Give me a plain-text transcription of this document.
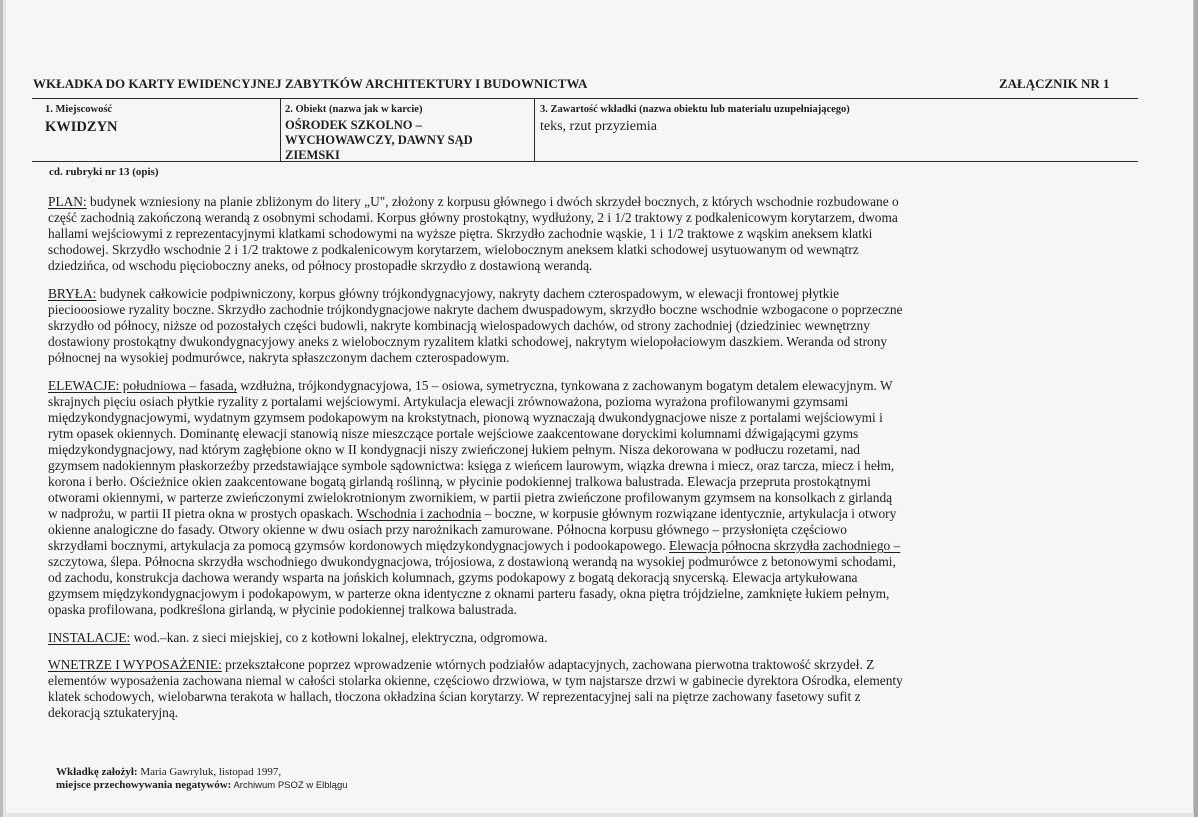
WKŁADKA DO KARTY EWIDENCYJNEJ ZABYTKÓW ARCHITEKTURY I BUDOWNICTWA	ZAŁĄCZNIK NR 1
1. Miejscowość
KWIDZYN
2. Obiekt (nazwa jak w karcie)
OŚRODEK SZKOLNO –
WYCHOWAWCZY, DAWNY SĄD
ZIEMSKI
3. Zawartość wkładki (nazwa obiektu lub materiału uzupełniającego)
teks, rzut przyziemia
cd. rubryki nr 13 (opis)
PLAN: budynek wzniesiony na planie zbliżonym do litery „U", złożony z korpusu głównego i dwóch skrzydeł bocznych, z których wschodnie rozbudowane o
część zachodnią zakończoną werandą z osobnymi schodami. Korpus główny prostokątny, wydłużony, 2 i 1/2 traktowy z podkalenicowym korytarzem, dwoma
hallami wejściowymi z reprezentacyjnymi klatkami schodowymi na wyższe piętra. Skrzydło zachodnie wąskie, 1 i 1/2 traktowe z wąskim aneksem klatki
schodowej. Skrzydło wschodnie 2 i 1/2 traktowe z podkalenicowym korytarzem, wielobocznym aneksem klatki schodowej usytuowanym od wewnątrz
dziedzińca, od wschodu pięcioboczny aneks, od północy prostopadłe skrzydło z dostawioną werandą.
BRYŁA: budynek całkowicie podpiwniczony, korpus główny trójkondygnacyjowy, nakryty dachem czterospadowym, w elewacji frontowej płytkie
pieciooosiowe ryzality boczne. Skrzydło zachodnie trójkondygnacjowe nakryte dachem dwuspadowym, skrzydło boczne wschodnie wzbogacone o poprzeczne
skrzydło od północy, niższe od pozostałych części budowli, nakryte kombinacją wielospadowych dachów, od strony zachodniej (dziedziniec wewnętrzny
dostawiony prostokątny dwukondygnacyjowy aneks z wielobocznym ryzalitem klatki schodowej, nakrytym wielopołaciowym daszkiem. Weranda od strony
północnej na wysokiej podmurówce, nakryta spłaszczonym dachem czterospadowym.
ELEWACJE: południowa – fasada, wzdłużna, trójkondygnacyjowa, 15 – osiowa, symetryczna, tynkowana z zachowanym bogatym detalem elewacyjnym. W
skrajnych pięciu osiach płytkie ryzality z portalami wejściowymi. Artykulacja elewacji zrównoważona, pozioma wyrażona profilowanymi gzymsami
międzykondygnacjowymi, wydatnym gzymsem podokapowym na krokstytnach, pionową wyznaczają dwukondygnacjowe nisze z portalami wejściowymi i
rytm opasek okiennych. Dominantę elewacji stanowią nisze mieszczące portale wejściowe zaakcentowane doryckimi kolumnami dźwigającymi gzyms
międzykondygnacjowy, nad którym zagłębione okno w II kondygnacji niszy zwieńczonej łukiem pełnym. Nisza dekorowana w podłuczu rozetami, nad
gzymsem nadokiennym płaskorzeźby przedstawiające symbole sądownictwa: księga z wieńcem laurowym, wiązka drewna i miecz, oraz tarcza, miecz i hełm,
korona i berło. Ościeżnice okien zaakcentowane bogatą girlandą roślinną, w płycinie podokiennej tralkowa balustrada. Elewacja przepruta prostokątnymi
otworami okiennymi, w parterze zwieńczonymi zwielokrotnionym zwornikiem, w partii pietra zwieńczone profilowanym gzymsem na konsolkach z girlandą
w nadprożu, w partii II pietra okna w prostych opaskach. Wschodnia i zachodnia – boczne, w korpusie głównym rozwiązane identycznie, artykulacja i otwory
okienne analogiczne do fasady. Otwory okienne w dwu osiach przy narożnikach zamurowane. Północna korpusu głównego – przysłonięta częściowo
skrzydłami bocznymi, artykulacja za pomocą gzymsów kordonowych międzykondygnacjowych i podookapowego. Elewacja północna skrzydła zachodniego –
szczytowa, ślepa. Północna skrzydła wschodniego dwukondygnacjowa, trójosiowa, z dostawioną werandą na wysokiej podmurówce z betonowymi schodami,
od zachodu, konstrukcja dachowa werandy wsparta na jońskich kolumnach, gzyms podokapowy z bogatą dekoracją snycerską. Elewacja artykułowana
gzymsem międzykondygnacjowym i podokapowym, w parterze okna identyczne z oknami parteru fasady, okna piętra trójdzielne, zamknięte łukiem pełnym,
opaska profilowana, podkreślona girlandą, w płycinie podokiennej tralkowa balustrada.
INSTALACJE: wod.–kan. z sieci miejskiej, co z kotłowni lokalnej, elektryczna, odgromowa.
WNETRZE I WYPOSAŻENIE: przekształcone poprzez wprowadzenie wtórnych podziałów adaptacyjnych, zachowana pierwotna traktowość skrzydeł. Z
elementów wyposażenia zachowana niemal w całości stolarka okienne, częściowo drzwiowa, w tym najstarsze drzwi w gabinecie dyrektora Ośrodka, elementy
klatek schodowych, wielobarwna terakota w hallach, tłoczona okładzina ścian korytarzy. W reprezentacyjnej sali na piętrze zachowany fasetowy sufit z
dekoracją sztukateryjną.
Wkładkę założył: Maria Gawryluk, listopad 1997,
miejsce przechowywania negatywów: Archiwum PSOZ w Elblągu
